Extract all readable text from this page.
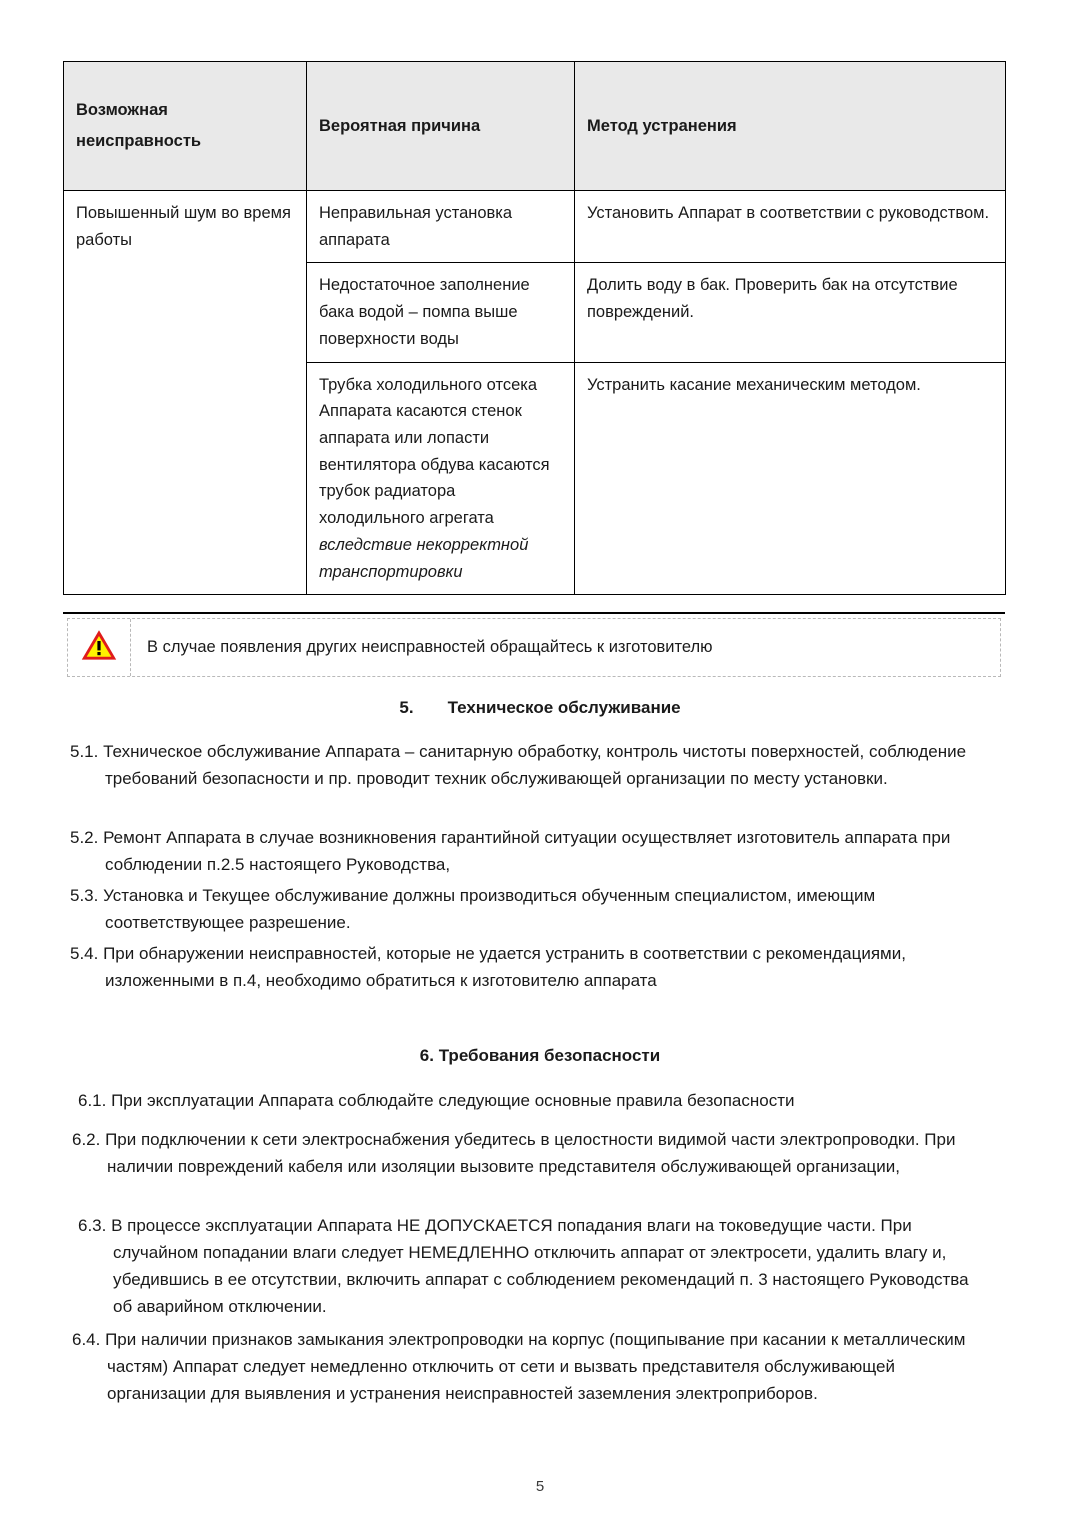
Возможная неисправность	Вероятная причина	Метод устранения
Повышенный шум во время работы	Неправильная установка аппарата	Установить Аппарат в соответствии с руководством.
	Недостаточное заполнение бака водой – помпа выше поверхности воды	Долить воду в бак. Проверить бак на отсутствие повреждений.
	Трубка холодильного отсека Аппарата касаются стенок аппарата или лопасти вентилятора обдува касаются трубок радиатора холодильного агрегата вследствие некорректной транспортировки	Устранить касание механическим методом.
В случае появления других неисправностей обращайтесь к изготовителю
5. Техническое обслуживание
5.1. Техническое обслуживание Аппарата – санитарную обработку, контроль чистоты поверхностей, соблюдение требований безопасности и пр. проводит техник обслуживающей организации по месту установки.
5.2. Ремонт Аппарата в случае возникновения гарантийной ситуации осуществляет изготовитель аппарата при соблюдении п.2.5 настоящего Руководства,
5.3. Установка и Текущее обслуживание должны производиться обученным специалистом, имеющим соответствующее разрешение.
5.4. При обнаружении неисправностей, которые не удается устранить в соответствии с рекомендациями, изложенными в п.4, необходимо обратиться к изготовителю аппарата
6. Требования безопасности
6.1. При эксплуатации Аппарата соблюдайте следующие основные правила безопасности
6.2. При подключении к сети электроснабжения убедитесь в целостности видимой части электропроводки. При наличии повреждений кабеля или изоляции вызовите представителя обслуживающей организации,
6.3. В процессе эксплуатации Аппарата НЕ ДОПУСКАЕТСЯ попадания влаги на токоведущие части. При случайном попадании влаги следует НЕМЕДЛЕННО отключить аппарат от электросети, удалить влагу и, убедившись в ее отсутствии, включить аппарат с соблюдением рекомендаций п. 3 настоящего Руководства об аварийном отключении.
6.4. При наличии признаков замыкания электропроводки на корпус (пощипывание при касании к металлическим частям) Аппарат следует немедленно отключить от сети и вызвать представителя обслуживающей организации для выявления и устранения неисправностей заземления электроприборов.
5
